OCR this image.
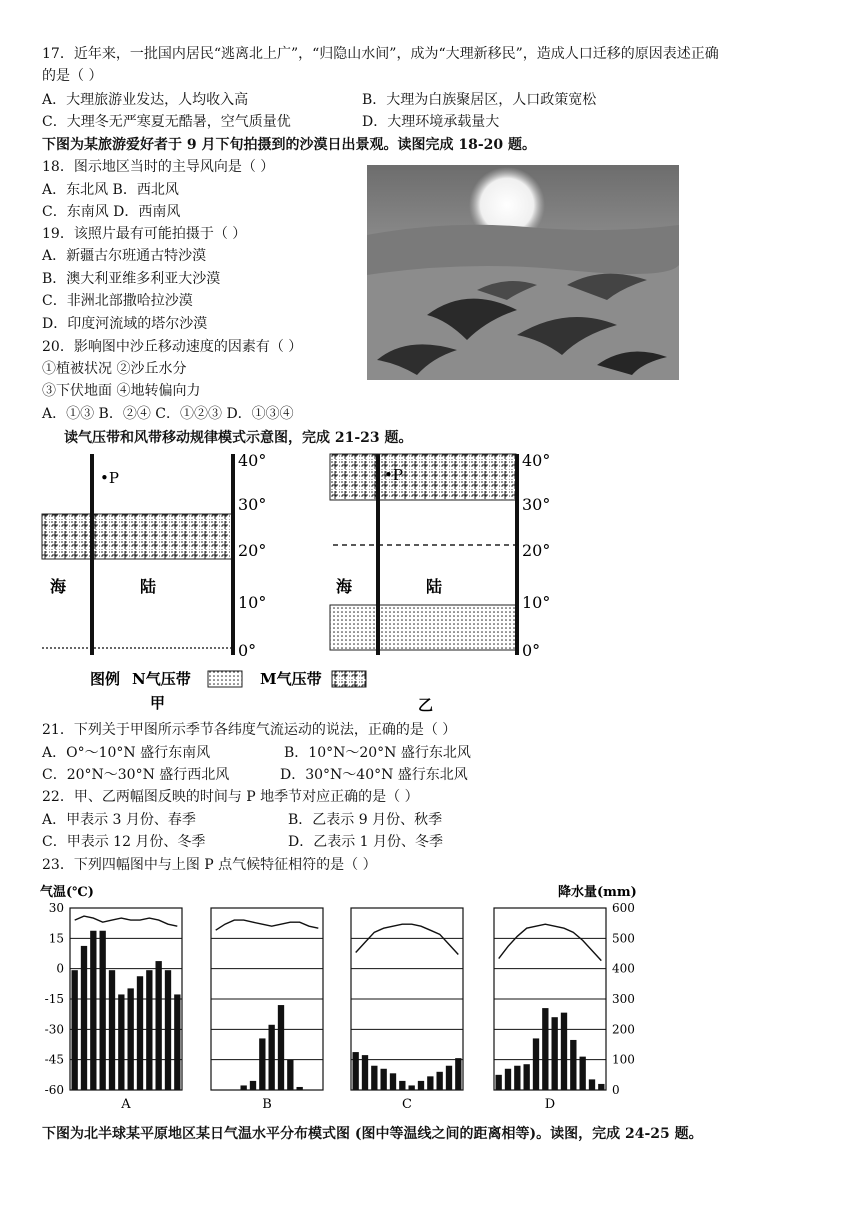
17．近年来，一批国内居民“逃离北上广”，“归隐山水间”，成为“大理新移民”，造成人口迁移的原因表述正确
的是（ ）
A．大理旅游业发达，人均收入高	B．大理为白族聚居区，人口政策宽松
C．大理冬无严寒夏无酷暑，空气质量优	D．大理环境承载量大
下图为某旅游爱好者于 9 月下旬拍摄到的沙漠日出景观。读图完成 18-20 题。
18．图示地区当时的主导风向是（ ）
A．东北风 B．西北风
C．东南风 D．西南风
19．该照片最有可能拍摄于（ ）
A．新疆古尔班通古特沙漠
B．澳大利亚维多利亚大沙漠
C．非洲北部撒哈拉沙漠
D．印度河流域的塔尔沙漠
20．影响图中沙丘移动速度的因素有（ ）
①植被状况 ②沙丘水分
③下伏地面 ④地转偏向力
A．①③ B．②④ C．①②③ D．①③④
读气压带和风带移动规律模式示意图，完成 21-23 题。
•P
海	陆
40°
30°
20°
10°
0°
•P
海	陆
40°
30°
20°
10°
0°
图例 N气压带	M气压带
甲	乙
21．下列关于甲图所示季节各纬度气流运动的说法，正确的是（ ）
A．O°～10°N 盛行东南风	B．10°N～20°N 盛行东北风
C．20°N～30°N 盛行西北风	D．30°N～40°N 盛行东北风
22．甲、乙两幅图反映的时间与 P 地季节对应正确的是（ ）
A．甲表示 3 月份、春季	B．乙表示 9 月份、秋季
C．甲表示 12 月份、冬季	D．乙表示 1 月份、冬季
23．下列四幅图中与上图 P 点气候特征相符的是（ ）
气温(℃)	降水量(mm)
30
15
0
-15
-30
-45
-60
600
500
400
300
200
100
0
A	B	C	D
下图为北半球某平原地区某日气温水平分布模式图 (图中等温线之间的距离相等)。读图，完成 24-25 题。
